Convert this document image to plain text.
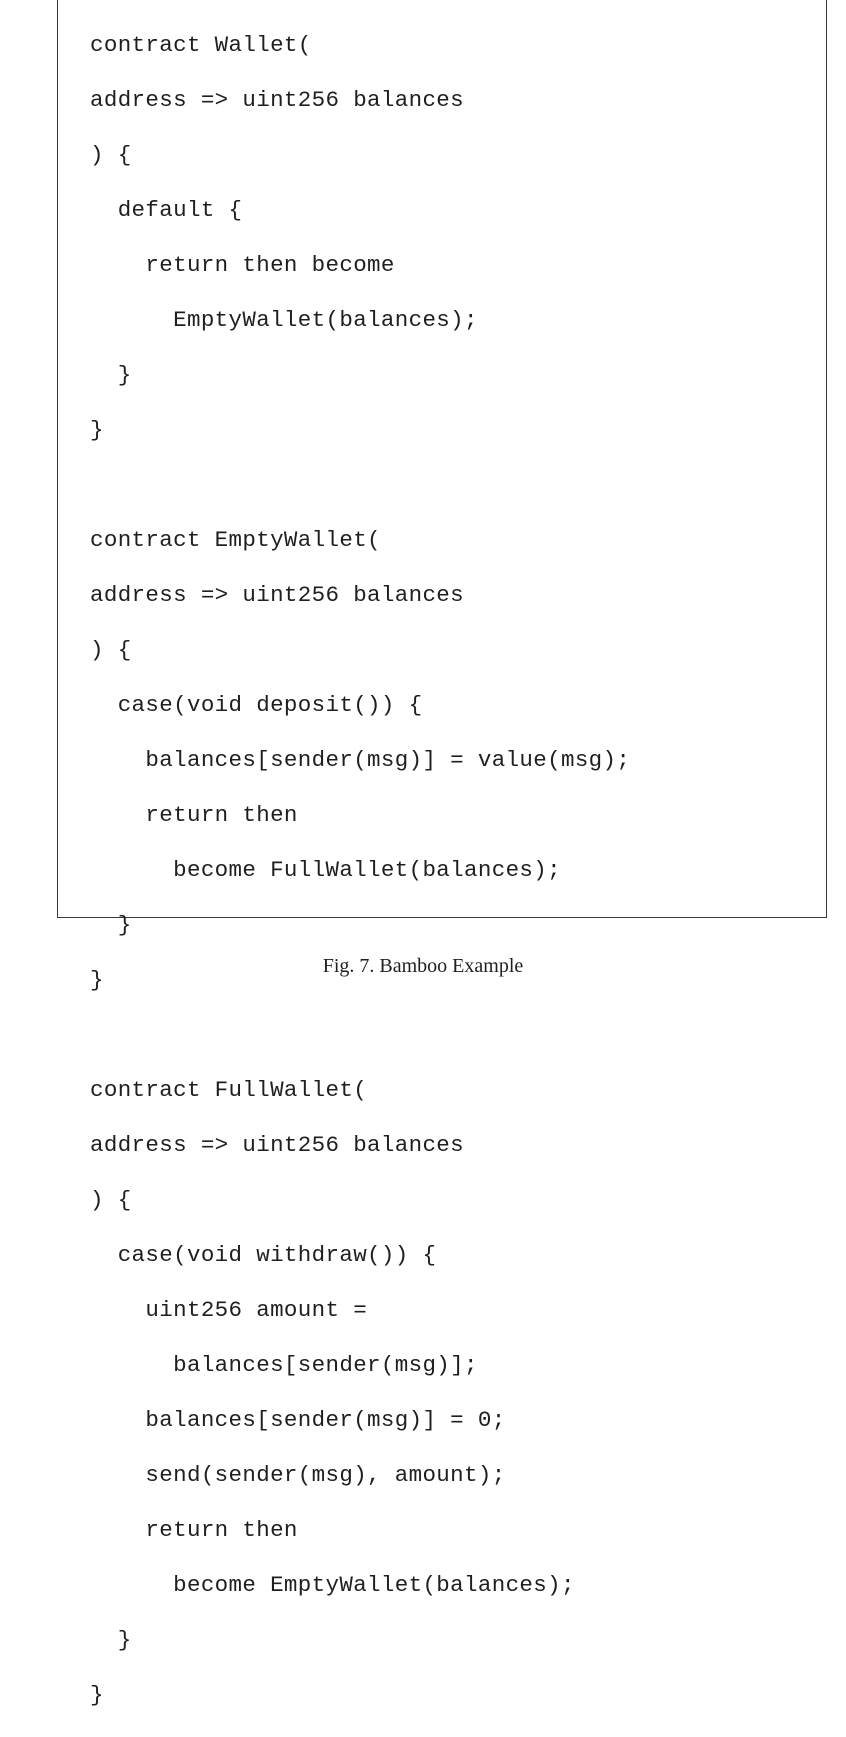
contract Wallet(

address => uint256 balances

) {

default {

return then become

EmptyWallet(balances);

}

}

contract EmptyWallet(

address => uint256 balances

) {

case(void deposit()) {

balances[sender(msg)] = value(msg);

return then

become FullWallet(balances);

}

}

contract FullWallet(

address => uint256 balances

) {

case(void withdraw()) {

uint256 amount =

balances[sender(msg)];

balances[sender(msg)] = 0;

send(sender(msg), amount);

return then

become EmptyWallet(balances);

}

}

Fig. 7. Bamboo Example
